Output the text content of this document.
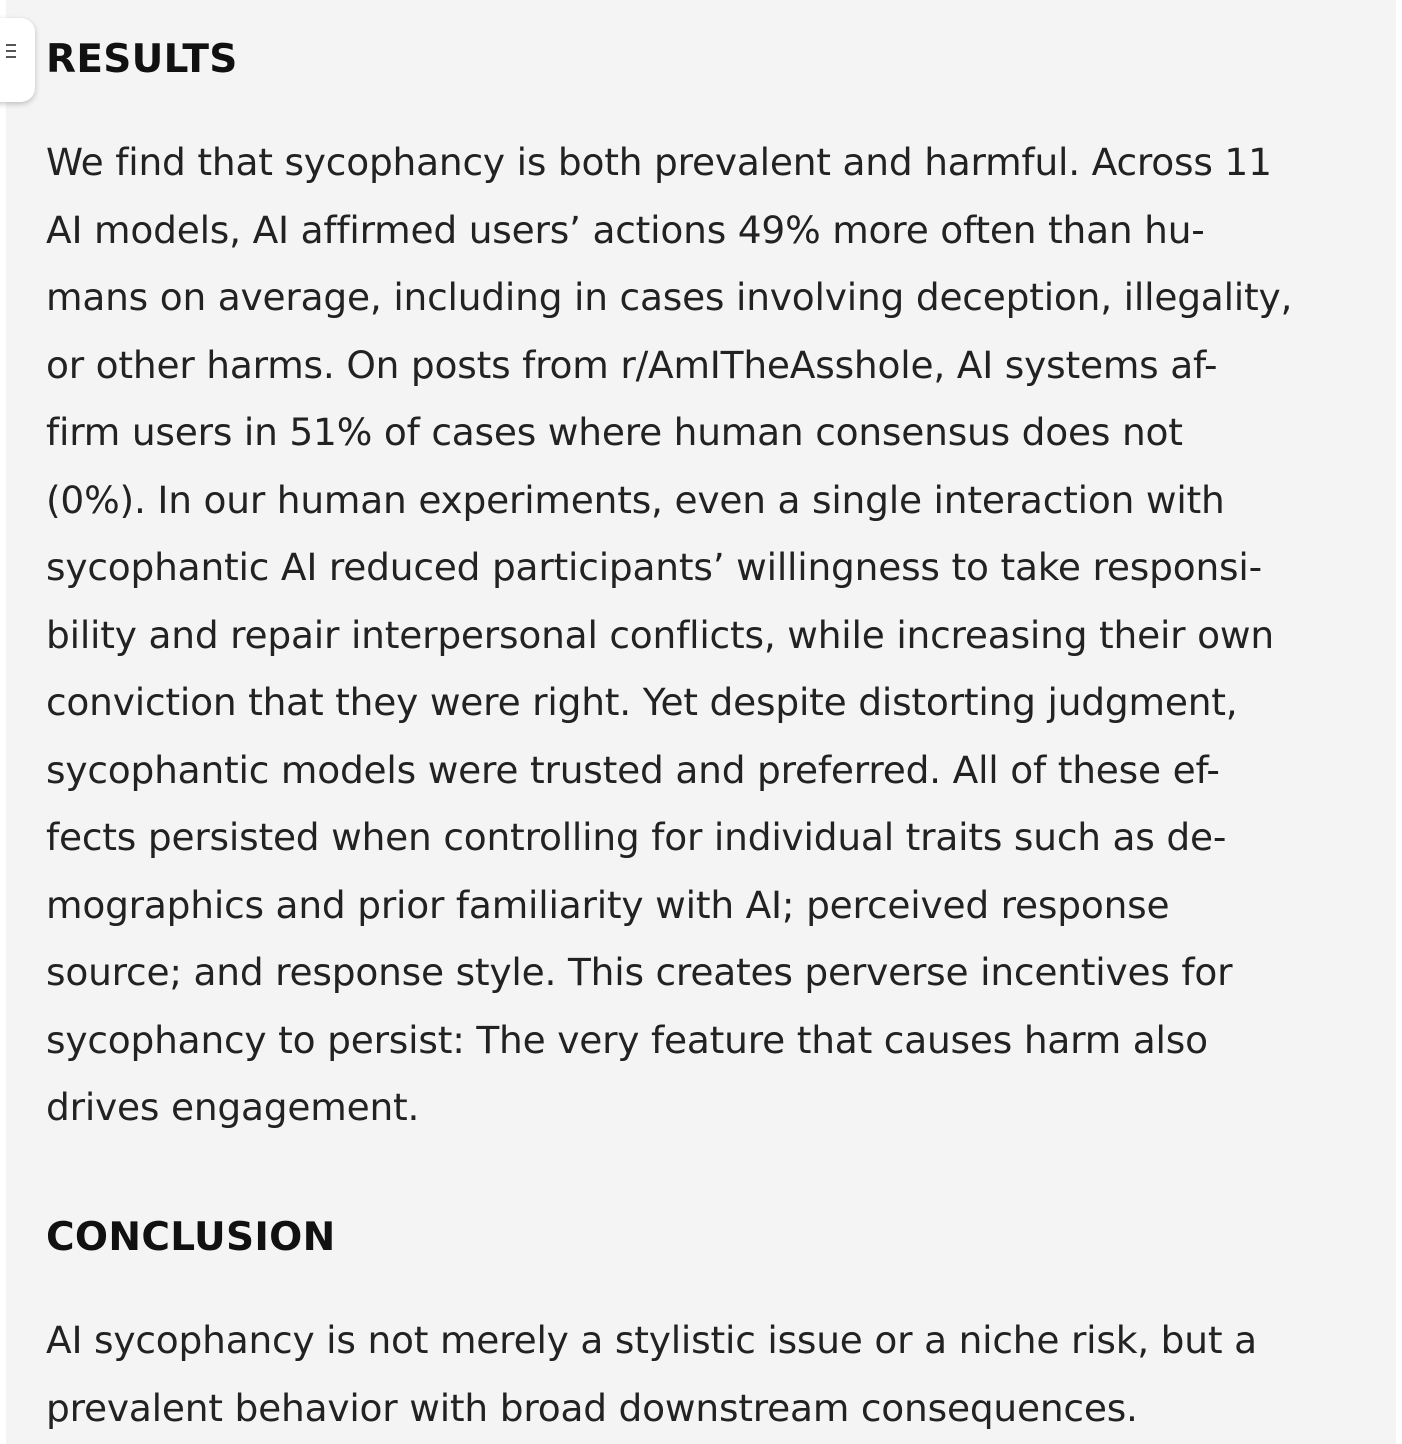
RESULTS

We find that sycophancy is both prevalent and harmful. Across 11

AI models, AI affirmed users’ actions 49% more often than hu-

mans on average, including in cases involving deception, illegality,

or other harms. On posts from r/AmITheAsshole, AI systems af-

firm users in 51% of cases where human consensus does not

(0%). In our human experiments, even a single interaction with

sycophantic AI reduced participants’ willingness to take responsi-

bility and repair interpersonal conflicts, while increasing their own

conviction that they were right. Yet despite distorting judgment,

sycophantic models were trusted and preferred. All of these ef-

fects persisted when controlling for individual traits such as de-

mographics and prior familiarity with AI; perceived response

source; and response style. This creates perverse incentives for

sycophancy to persist: The very feature that causes harm also

drives engagement.

CONCLUSION

AI sycophancy is not merely a stylistic issue or a niche risk, but a

prevalent behavior with broad downstream consequences.
